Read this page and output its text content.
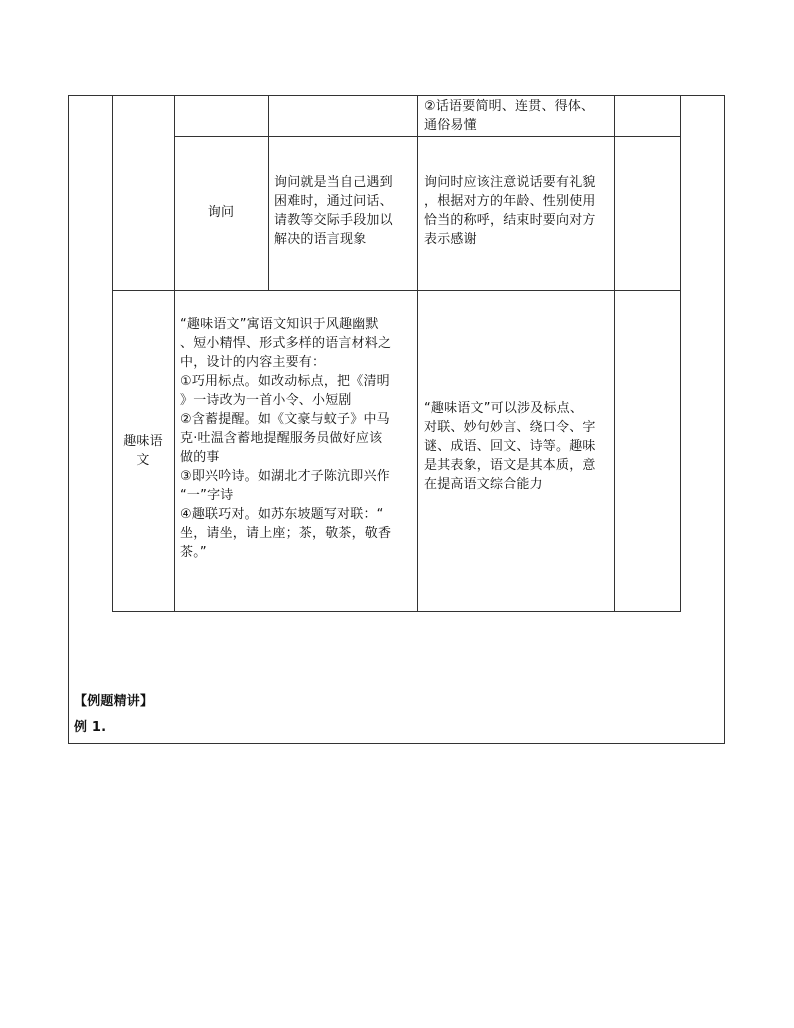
②话语要简明、连贯、得体、
通俗易懂
询问
询问就是当自己遇到
困难时，通过问话、
请教等交际手段加以
解决的语言现象
询问时应该注意说话要有礼貌
，根据对方的年龄、性别使用
恰当的称呼，结束时要向对方
表示感谢
趣味语
文
“趣味语文”寓语文知识于风趣幽默
、短小精悍、形式多样的语言材料之
中，设计的内容主要有：
①巧用标点。如改动标点，把《清明
》一诗改为一首小令、小短剧
②含蓄提醒。如《文豪与蚊子》中马
克·吐温含蓄地提醒服务员做好应该
做的事
③即兴吟诗。如湖北才子陈沆即兴作
“一”字诗
④趣联巧对。如苏东坡题写对联：“
坐，请坐，请上座；茶，敬茶，敬香
茶。”
“趣味语文”可以涉及标点、
对联、妙句妙言、绕口令、字
谜、成语、回文、诗等。趣味
是其表象，语文是其本质，意
在提高语文综合能力
【例题精讲】
例 1.
